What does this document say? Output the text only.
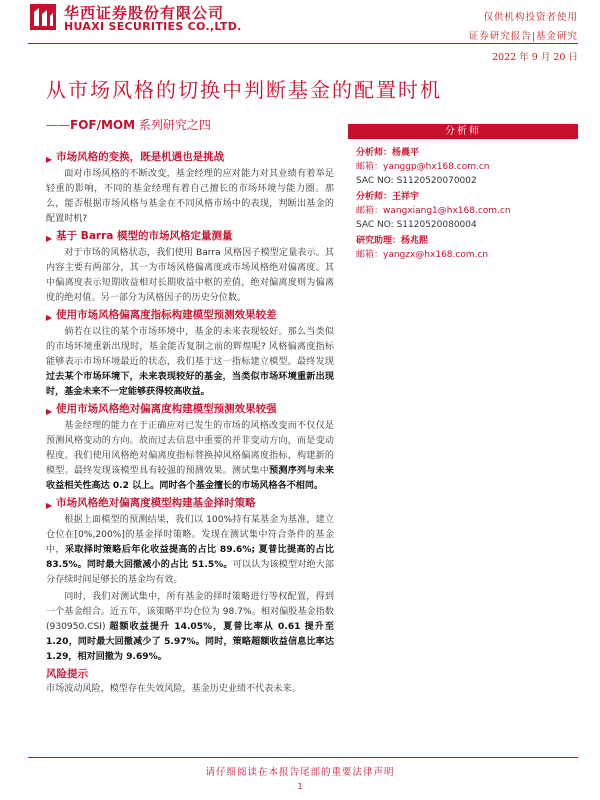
华西证券股份有限公司
HUAXI SECURITIES CO.,LTD.
仅供机构投资者使用
证券研究报告|基金研究
2022 年 9 月 20 日
从市场风格的切换中判断基金的配置时机
——FOF/MOM 系列研究之四
▶ 市场风格的变换，既是机遇也是挑战

面对市场风格的不断改变，基金经理的应对能力对其业绩有着举足轻重的影响，不同的基金经理有着自己擅长的市场环境与能力圈。那么，能否根据市场风格与基金在不同风格市场中的表现，判断出基金的配置时机?

▶ 基于 Barra 模型的市场风格定量测量

对于市场的风格状态，我们使用 Barra 风格因子模型定量表示。其内容主要有两部分，其一为市场风格偏离度或市场风格绝对偏离度。其中偏离度表示短期收益相对长期收益中枢的差值，绝对偏离度则为偏离度的绝对值。另一部分为风格因子的历史分位数。

▶ 使用市场风格偏离度指标构建模型预测效果较差

倘若在以往的某个市场环境中，基金的未来表现较好。那么当类似的市场环境重新出现时，基金能否复制之前的辉煌呢? 风格偏离度指标能够表示市场环境最近的状态，我们基于这一指标建立模型。最终发现过去某个市场环境下，未来表现较好的基金，当类似市场环境重新出现时，基金未来不一定能够获得较高收益。

▶ 使用市场风格绝对偏离度构建模型预测效果较强

基金经理的能力在于正确应对已发生的市场的风格改变而不仅仅是预测风格变动的方向。故而过去信息中重要的并非变动方向，而是变动程度。我们使用风格绝对偏离度指标替换掉风格偏离度指标，构建新的模型。最终发现该模型具有较强的预测效果。测试集中预测序列与未来收益相关性高达 0.2 以上。同时各个基金擅长的市场风格各不相同。

▶ 市场风格绝对偏离度模型构建基金择时策略

根据上面模型的预测结果，我们以 100%持有某基金为基准，建立仓位在[0%,200%]的基金择时策略。发现在测试集中符合条件的基金中，采取择时策略后年化收益提高的占比 89.6%; 夏普比提高的占比 83.5%。同时最大回撤减小的占比 51.5%。可以认为该模型对绝大部分存续时间足够长的基金均有效。

同时，我们对测试集中，所有基金的择时策略进行等权配置，得到一个基金组合。近五年，该策略平均仓位为 98.7%。相对偏股基金指数 (930950.CSI) 超额收益提升 14.05%，夏普比率从 0.61 提升至 1.20，同时最大回撤减少了 5.97%。同时，策略超额收益信息比率达 1.29，相对回撤为 9.69%。

风险提示
市场波动风险，模型存在失效风险，基金历史业绩不代表未来。
分析师
分析师：杨晨平
邮箱：yanggp@hx168.com.cn
SAC NO: S1120520070002
分析师：王祥宇
邮箱：wangxiang1@hx168.com.cn
SAC NO: S1120520080004
研究助理：杨兆熙
邮箱：yangzx@hx168.com.cn
请仔细阅读在本报告尾部的重要法律声明
1
